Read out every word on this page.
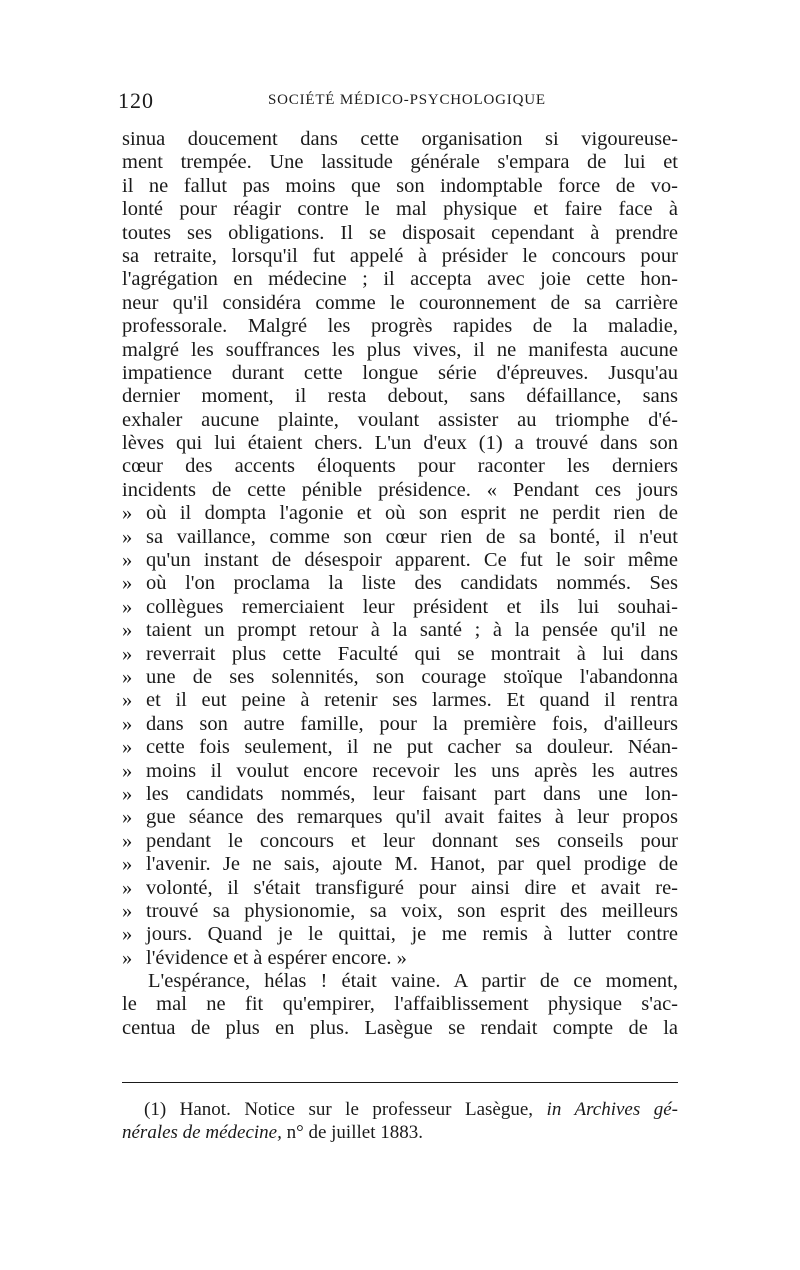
120	SOCIÉTÉ MÉDICO-PSYCHOLOGIQUE
sinua doucement dans cette organisation si vigoureuse-
ment trempée. Une lassitude générale s'empara de lui et
il ne fallut pas moins que son indomptable force de vo-
lonté pour réagir contre le mal physique et faire face à
toutes ses obligations. Il se disposait cependant à prendre
sa retraite, lorsqu'il fut appelé à présider le concours pour
l'agrégation en médecine ; il accepta avec joie cette hon-
neur qu'il considéra comme le couronnement de sa carrière
professorale. Malgré les progrès rapides de la maladie,
malgré les souffrances les plus vives, il ne manifesta aucune
impatience durant cette longue série d'épreuves. Jusqu'au
dernier moment, il resta debout, sans défaillance, sans
exhaler aucune plainte, voulant assister au triomphe d'é-
lèves qui lui étaient chers. L'un d'eux (1) a trouvé dans son
cœur des accents éloquents pour raconter les derniers
incidents de cette pénible présidence. « Pendant ces jours
» où il dompta l'agonie et où son esprit ne perdit rien de
» sa vaillance, comme son cœur rien de sa bonté, il n'eut
» qu'un instant de désespoir apparent. Ce fut le soir même
» où l'on proclama la liste des candidats nommés. Ses
» collègues remerciaient leur président et ils lui souhai-
» taient un prompt retour à la santé ; à la pensée qu'il ne
» reverrait plus cette Faculté qui se montrait à lui dans
» une de ses solennités, son courage stoïque l'abandonna
» et il eut peine à retenir ses larmes. Et quand il rentra
» dans son autre famille, pour la première fois, d'ailleurs
» cette fois seulement, il ne put cacher sa douleur. Néan-
» moins il voulut encore recevoir les uns après les autres
» les candidats nommés, leur faisant part dans une lon-
» gue séance des remarques qu'il avait faites à leur propos
» pendant le concours et leur donnant ses conseils pour
» l'avenir. Je ne sais, ajoute M. Hanot, par quel prodige de
» volonté, il s'était transfiguré pour ainsi dire et avait re-
» trouvé sa physionomie, sa voix, son esprit des meilleurs
» jours. Quand je le quittai, je me remis à lutter contre
» l'évidence et à espérer encore. »
L'espérance, hélas ! était vaine. A partir de ce moment,
le mal ne fit qu'empirer, l'affaiblissement physique s'ac-
centua de plus en plus. Lasègue se rendait compte de la
(1) Hanot. Notice sur le professeur Lasègue, in Archives gé-
nérales de médecine, n° de juillet 1883.
